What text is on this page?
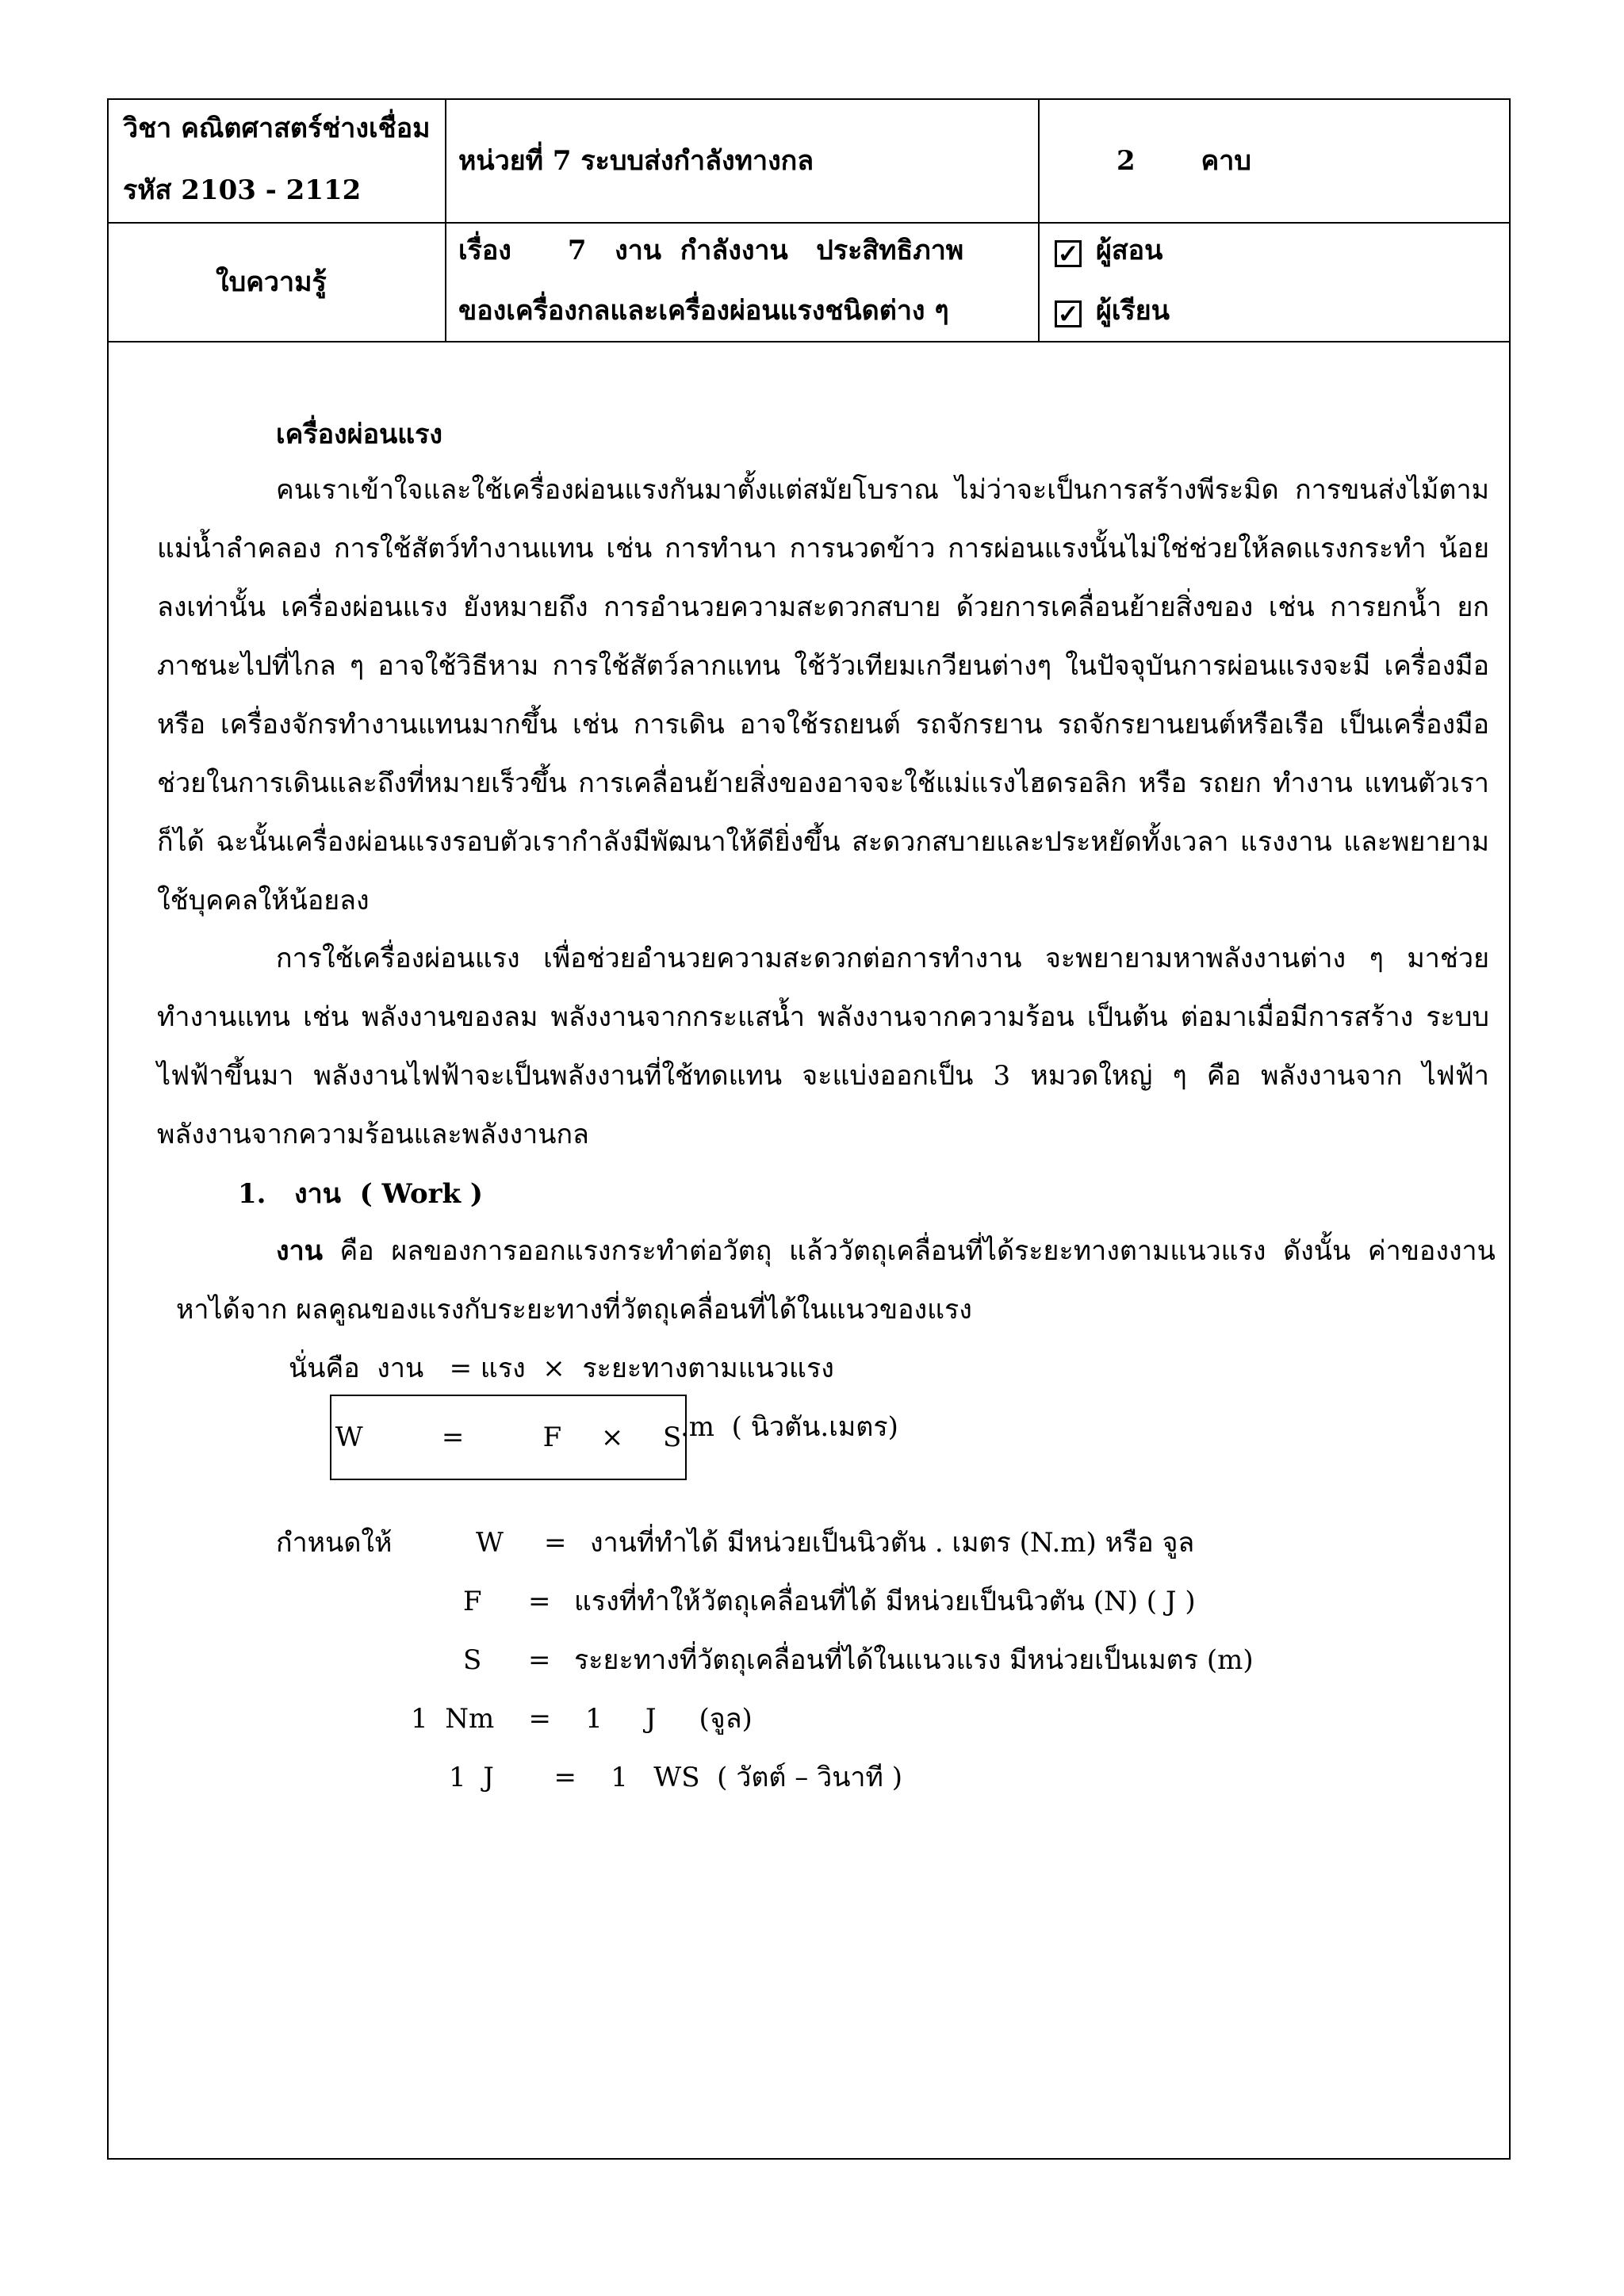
วิชา คณิตศาสตร์ช่างเชื่อม
รหัส 2103 - 2112
หน่วยที่ 7 ระบบส่งกำลังทางกล	2       คาบ
ใบความรู้
เรื่อง      7   งาน  กำลังงาน   ประสิทธิภาพ
ของเครื่องกลและเครื่องผ่อนแรงชนิดต่าง ๆ
✓ ผู้สอน
✓ ผู้เรียน
เครื่องผ่อนแรง
คนเราเข้าใจและใช้เครื่องผ่อนแรงกันมาตั้งแต่สมัยโบราณ ไม่ว่าจะเป็นการสร้างพีระมิด การขนส่งไม้ตาม แม่น้ำลำคลอง การใช้สัตว์ทำงานแทน เช่น การทำนา การนวดข้าว การผ่อนแรงนั้นไม่ใช่ช่วยให้ลดแรงกระทำ น้อยลงเท่านั้น เครื่องผ่อนแรง ยังหมายถึง การอำนวยความสะดวกสบาย ด้วยการเคลื่อนย้ายสิ่งของ เช่น การยกน้ำ ยกภาชนะไปที่ไกล ๆ อาจใช้วิธีหาม การใช้สัตว์ลากแทน ใช้วัวเทียมเกวียนต่างๆ ในปัจจุบันการผ่อนแรงจะมี เครื่องมือ หรือ เครื่องจักรทำงานแทนมากขึ้น เช่น การเดิน อาจใช้รถยนต์ รถจักรยาน รถจักรยานยนต์หรือเรือ เป็นเครื่องมือช่วยในการเดินและถึงที่หมายเร็วขึ้น การเคลื่อนย้ายสิ่งของอาจจะใช้แม่แรงไฮดรอลิก หรือ รถยก ทำงาน แทนตัวเราก็ได้ ฉะนั้นเครื่องผ่อนแรงรอบตัวเรากำลังมีพัฒนาให้ดียิ่งขึ้น สะดวกสบายและประหยัดทั้งเวลา แรงงาน และพยายามใช้บุคคลให้น้อยลง
การใช้เครื่องผ่อนแรง เพื่อช่วยอำนวยความสะดวกต่อการทำงาน จะพยายามหาพลังงานต่าง ๆ มาช่วย ทำงานแทน เช่น พลังงานของลม พลังงานจากกระแสน้ำ พลังงานจากความร้อน เป็นต้น ต่อมาเมื่อมีการสร้าง ระบบไฟฟ้าขึ้นมา พลังงานไฟฟ้าจะเป็นพลังงานที่ใช้ทดแทน จะแบ่งออกเป็น 3 หมวดใหญ่ ๆ คือ พลังงานจาก ไฟฟ้า พลังงานจากความร้อนและพลังงานกล
1.   งาน  ( Work )
งาน  คือ  ผลของการออกแรงกระทำต่อวัตถุ  แล้ววัตถุเคลื่อนที่ได้ระยะทางตามแนวแรง  ดังนั้น  ค่าของงาน
หาได้จาก ผลคูณของแรงกับระยะทางที่วัตถุเคลื่อนที่ได้ในแนวของแรง
นั่นคือ  งาน   = แรง  ×  ระยะทางตามแนวแรง
W    =    F  ×  S
.m  ( นิวตัน.เมตร)
กำหนดให้	W = งานที่ทำได้ มีหน่วยเป็นนิวตัน . เมตร (N.m) หรือ จูล
F = แรงที่ทำให้วัตถุเคลื่อนที่ได้ มีหน่วยเป็นนิวตัน (N) ( J )
S = ระยะทางที่วัตถุเคลื่อนที่ได้ในแนวแรง มีหน่วยเป็นเมตร (m)
1  Nm    =    1     J     (จูล)
1  J       =    1   WS  ( วัตต์ – วินาที )
